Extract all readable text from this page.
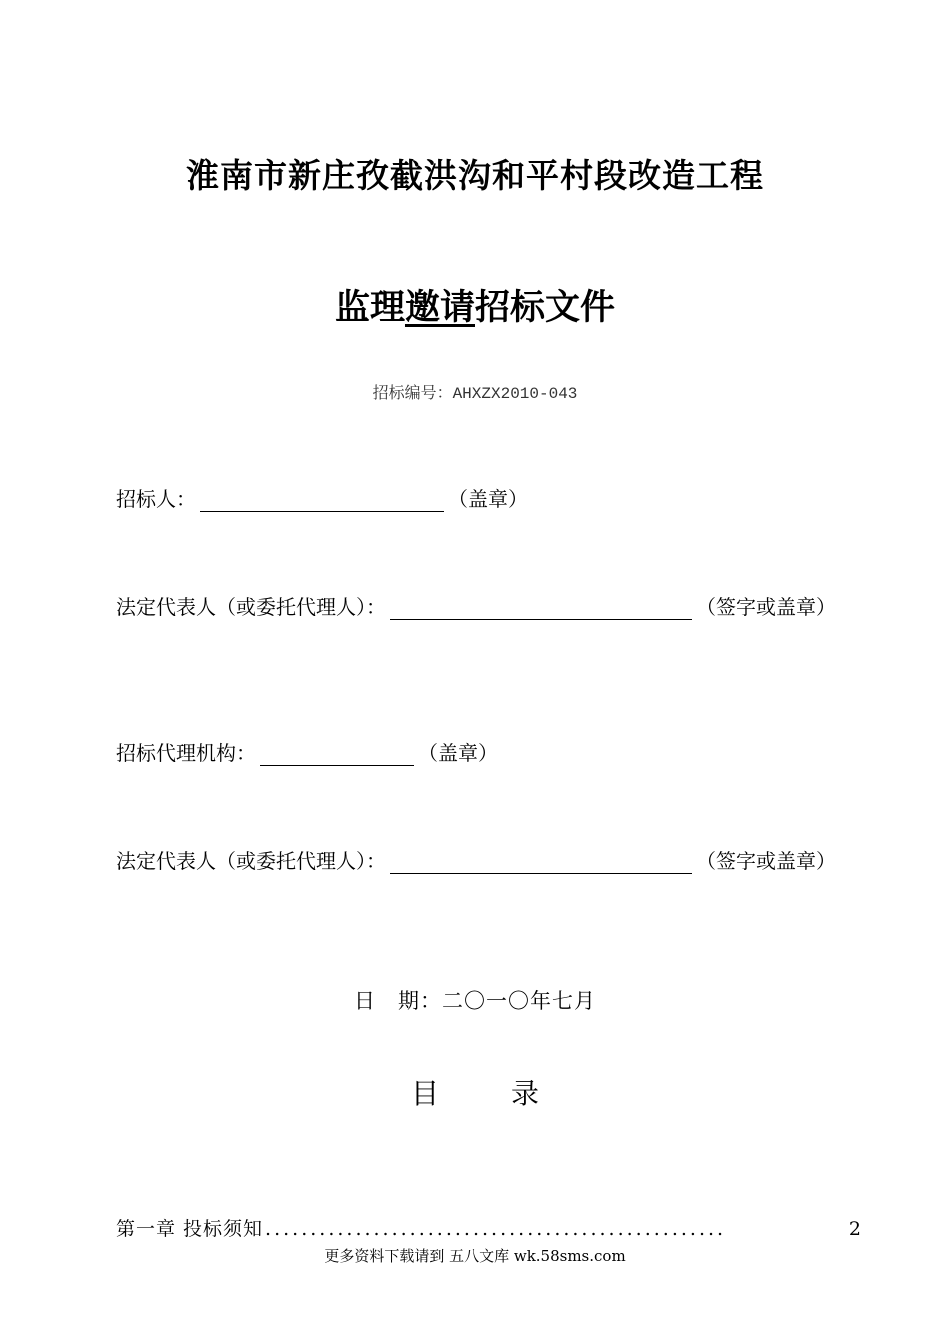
淮南市新庄孜截洪沟和平村段改造工程
监理邀请招标文件
招标编号：AHXZX2010-043
招标人：	（盖章）
法定代表人（或委托代理人）：	（签字或盖章）
招标代理机构：	（盖章）
法定代表人（或委托代理人）：	（签字或盖章）
日　期：二〇一〇年七月
目	录
第一章 投标须知 ...................................................	2
更多资料下载请到 五八文库 wk.58sms.com
